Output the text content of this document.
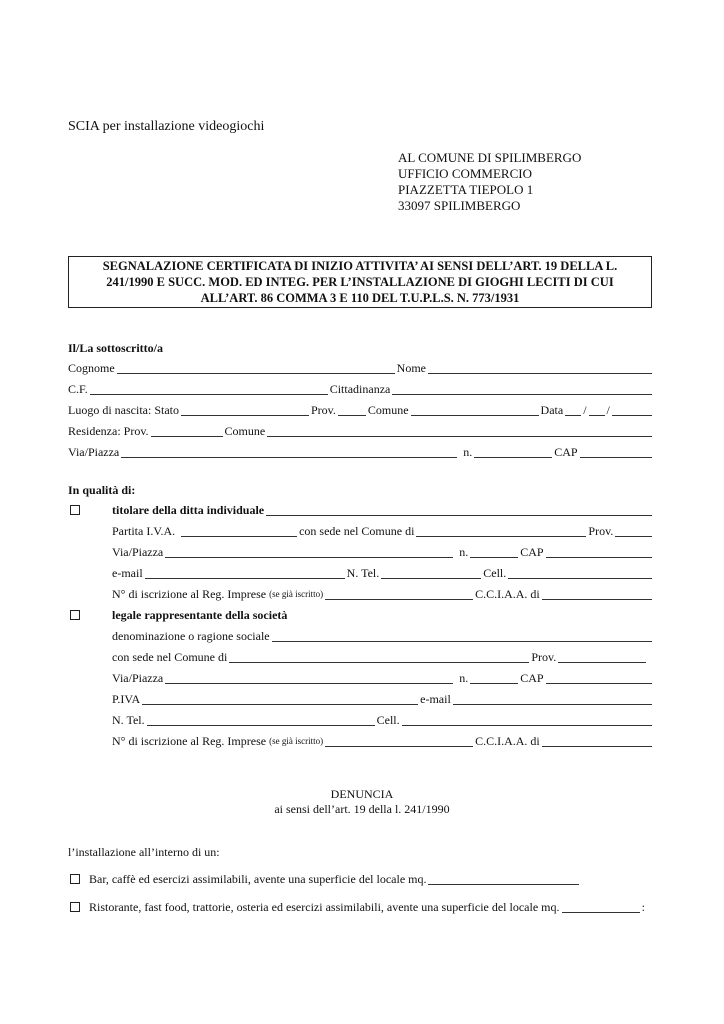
SCIA per installazione videogiochi
AL COMUNE DI SPILIMBERGO
UFFICIO COMMERCIO
PIAZZETTA TIEPOLO 1
33097 SPILIMBERGO
SEGNALAZIONE CERTIFICATA DI INIZIO ATTIVITA’ AI SENSI DELL’ART. 19 DELLA L.
241/1990 E SUCC. MOD. ED INTEG. PER L’INSTALLAZIONE DI GIOGHI LECITI DI CUI
ALL’ART. 86 COMMA 3 E 110 DEL T.U.P.L.S. N. 773/1931
Il/La sottoscritto/a
Cognome	Nome
C.F.	Cittadinanza
Luogo di nascita: Stato	Prov.	Comune	Data / /
Residenza: Prov.	Comune
Via/Piazza	n.	CAP
In qualità di:
titolare della ditta individuale
Partita I.V.A.	con sede nel Comune di	Prov.
Via/Piazza	n.	CAP
e-mail	N. Tel.	Cell.
N° di iscrizione al Reg. Imprese (se già iscritto)	C.C.I.A.A. di
legale rappresentante della società
denominazione o ragione sociale
con sede nel Comune di	Prov.
Via/Piazza	n.	CAP
P.IVA	e-mail
N. Tel.	Cell.
N° di iscrizione al Reg. Imprese (se già iscritto)	C.C.I.A.A. di
DENUNCIA
ai sensi dell’art. 19 della l. 241/1990
l’installazione all’interno di un:
Bar, caffè ed esercizi assimilabili, avente una superficie del locale mq.
Ristorante, fast food, trattorie, osteria ed esercizi assimilabili, avente una superficie del locale mq.	:
